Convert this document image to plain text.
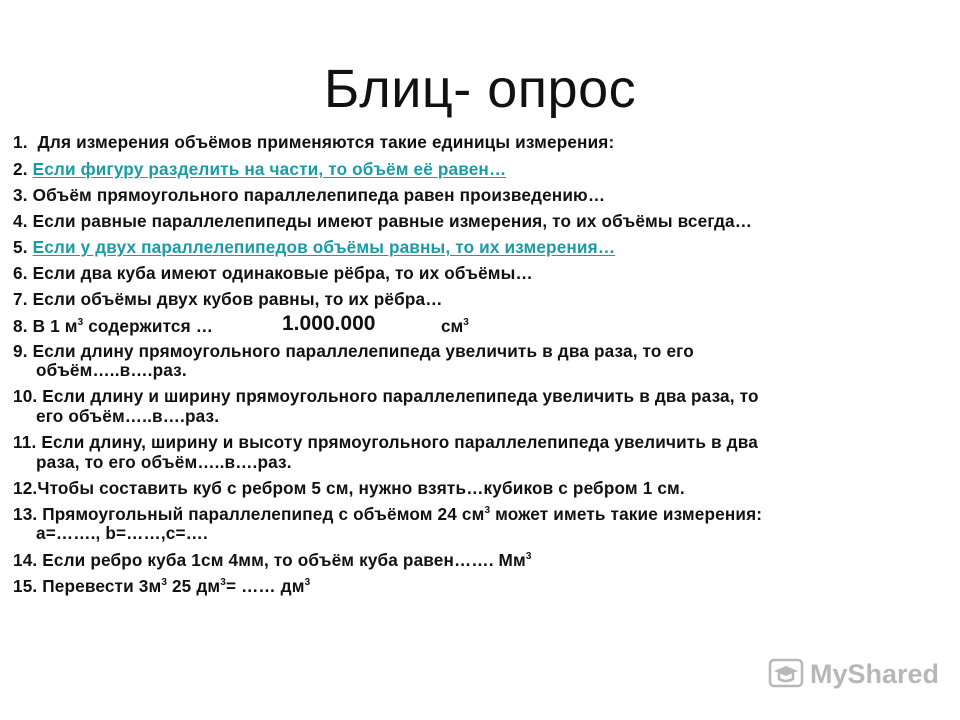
Блиц- опрос
1. Для измерения объёмов применяются такие единицы измерения:
2. Если фигуру разделить на части, то объём её равен…
3. Объём прямоугольного параллелепипеда равен произведению…
4. Если равные параллелепипеды имеют равные измерения, то их объёмы всегда…
5. Если у двух параллелепипедов объёмы равны, то их измерения…
6. Если два куба имеют одинаковые рёбра, то их объёмы…
7. Если объёмы двух кубов равны, то их рёбра…
8. В 1 $м^3$ содержится …	1.000.000	$см^3$
9. Если длину прямоугольного параллелепипеда увеличить в два раза, то его
объём…..в….раз.
10. Если длину и ширину прямоугольного параллелепипеда увеличить в два раза, то
его объём…..в….раз.
11. Если длину, ширину и высоту прямоугольного параллелепипеда увеличить в два
раза, то его объём…..в….раз.
12.Чтобы составить куб с ребром 5 см, нужно взять…кубиков с ребром 1 см.
13. Прямоугольный параллелепипед с объёмом 24 $см^3$ может иметь такие измерения:
а=……., b=……,с=….
14. Если ребро куба 1см 4мм, то объём куба равен……. $Мм^3$
15. Перевести $3м^3$ 25 $дм^3=$ …… $дм^3$
MyShared
